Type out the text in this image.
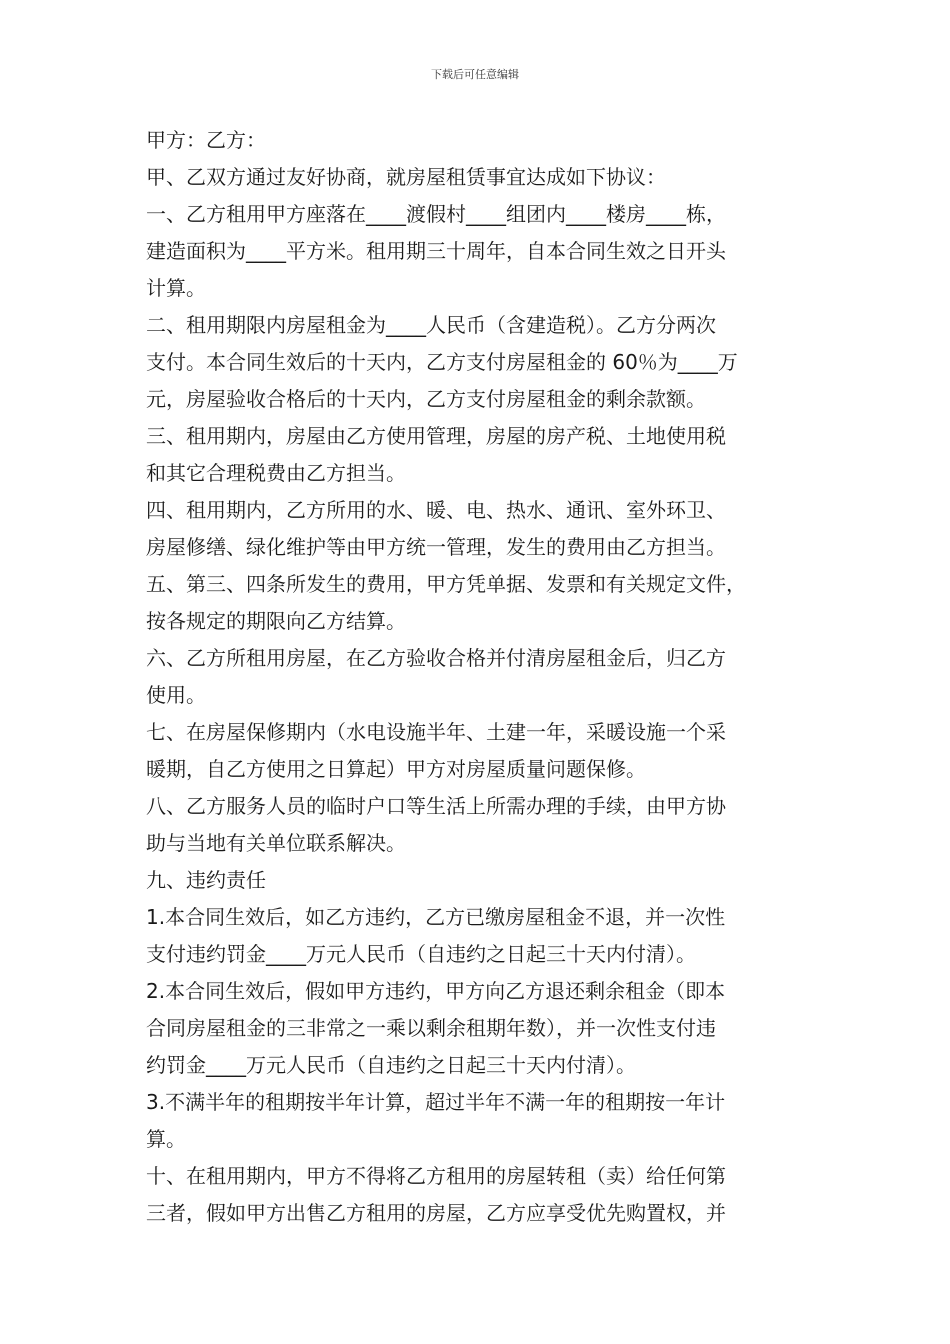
下载后可任意编辑
甲方：乙方：
甲、乙双方通过友好协商，就房屋租赁事宜达成如下协议：
一、乙方租用甲方座落在____渡假村____组团内____楼房____栋，
建造面积为____平方米。租用期三十周年，自本合同生效之日开头
计算。
二、租用期限内房屋租金为____人民币（含建造税）。乙方分两次
支付。本合同生效后的十天内，乙方支付房屋租金的 60％为____万
元，房屋验收合格后的十天内，乙方支付房屋租金的剩余款额。
三、租用期内，房屋由乙方使用管理，房屋的房产税、土地使用税
和其它合理税费由乙方担当。
四、租用期内，乙方所用的水、暖、电、热水、通讯、室外环卫、
房屋修缮、绿化维护等由甲方统一管理，发生的费用由乙方担当。
五、第三、四条所发生的费用，甲方凭单据、发票和有关规定文件，
按各规定的期限向乙方结算。
六、乙方所租用房屋，在乙方验收合格并付清房屋租金后，归乙方
使用。
七、在房屋保修期内（水电设施半年、土建一年，采暖设施一个采
暖期，自乙方使用之日算起）甲方对房屋质量问题保修。
八、乙方服务人员的临时户口等生活上所需办理的手续，由甲方协
助与当地有关单位联系解决。
九、违约责任
1.本合同生效后，如乙方违约，乙方已缴房屋租金不退，并一次性
支付违约罚金____万元人民币（自违约之日起三十天内付清）。
2.本合同生效后，假如甲方违约，甲方向乙方退还剩余租金（即本
合同房屋租金的三非常之一乘以剩余租期年数），并一次性支付违
约罚金____万元人民币（自违约之日起三十天内付清）。
3.不满半年的租期按半年计算，超过半年不满一年的租期按一年计
算。
十、在租用期内，甲方不得将乙方租用的房屋转租（卖）给任何第
三者，假如甲方出售乙方租用的房屋，乙方应享受优先购置权，并
